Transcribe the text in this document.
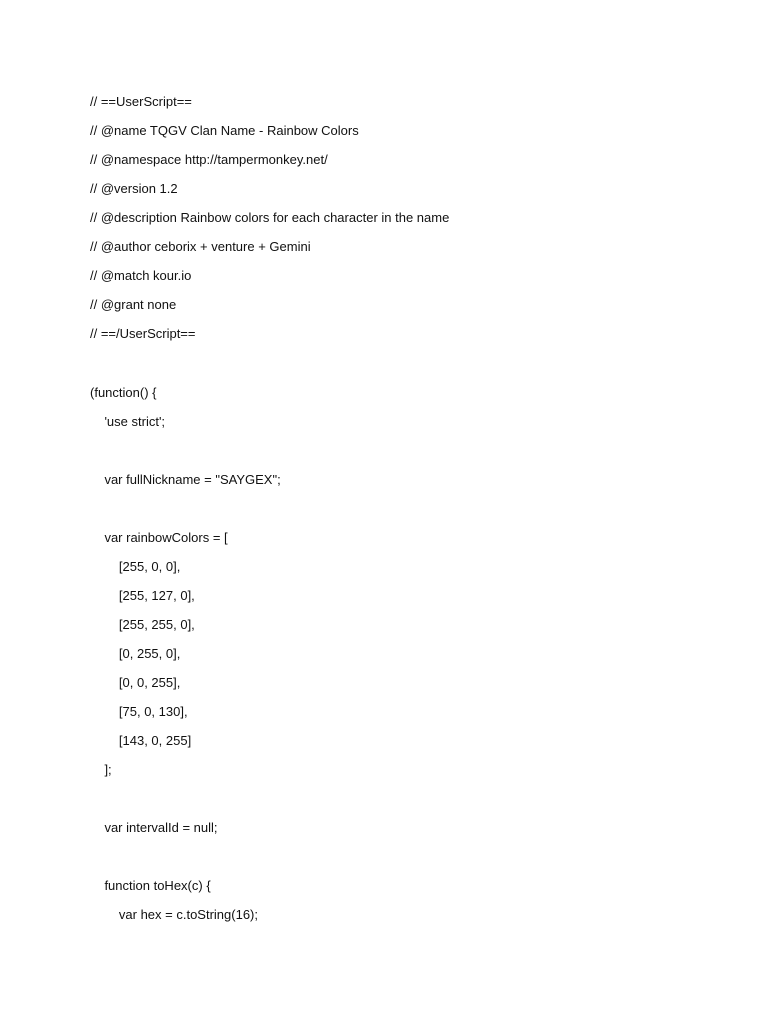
// ==UserScript==
// @name TQGV Clan Name - Rainbow Colors
// @namespace http://tampermonkey.net/
// @version 1.2
// @description Rainbow colors for each character in the name
// @author ceborix + venture + Gemini
// @match kour.io
// @grant none
// ==/UserScript==
(function() {
'use strict';
var fullNickname = "SAYGEX";
var rainbowColors = [
[255, 0, 0],
[255, 127, 0],
[255, 255, 0],
[0, 255, 0],
[0, 0, 255],
[75, 0, 130],
[143, 0, 255]
];
var intervalId = null;
function toHex(c) {
var hex = c.toString(16);
